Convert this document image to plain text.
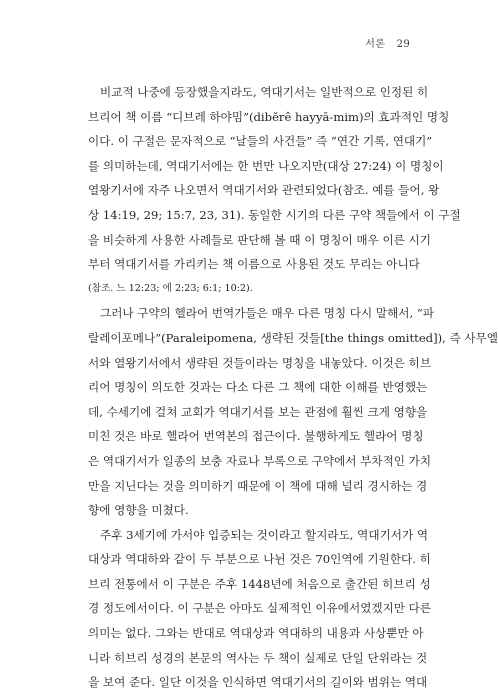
서론 29
비교적 나중에 등장했을지라도, 역대기서는 일반적으로 인정된 히
브리어 책 이름 “디브레 하야밈”(dibĕrê hayyā-mim)의 효과적인 명칭
이다. 이 구절은 문자적으로 “날들의 사건들” 즉 “연간 기록, 연대기”
를 의미하는데, 역대기서에는 한 번만 나오지만(대상 27:24) 이 명칭이
열왕기서에 자주 나오면서 역대기서와 관련되었다(참조. 예를 들어, 왕
상 14:19, 29; 15:7, 23, 31). 동일한 시기의 다른 구약 책들에서 이 구절
을 비슷하게 사용한 사례들로 판단해 볼 때 이 명칭이 매우 이른 시기
부터 역대기서를 가리키는 책 이름으로 사용된 것도 무리는 아니다
(참조. 느 12:23; 에 2:23; 6:1; 10:2).
그러나 구약의 헬라어 번역가들은 매우 다른 명칭 다시 말해서, “파
랄레이포메나”(Paraleipomena, 생략된 것들[the things omitted]), 즉 사무엘
서와 열왕기서에서 생략된 것들이라는 명칭을 내놓았다. 이것은 히브
리어 명칭이 의도한 것과는 다소 다른 그 책에 대한 이해를 반영했는
데, 수세기에 걸쳐 교회가 역대기서를 보는 관점에 훨씬 크게 영향을
미친 것은 바로 헬라어 번역본의 접근이다. 불행하게도 헬라어 명칭
은 역대기서가 일종의 보충 자료나 부록으로 구약에서 부차적인 가치
만을 지닌다는 것을 의미하기 때문에 이 책에 대해 널리 경시하는 경
향에 영향을 미쳤다.
주후 3세기에 가서야 입증되는 것이라고 할지라도, 역대기서가 역
대상과 역대하와 같이 두 부분으로 나뉜 것은 70인역에 기원한다. 히
브리 전통에서 이 구분은 주후 1448년에 처음으로 출간된 히브리 성
경 정도에서이다. 이 구분은 아마도 실제적인 이유에서였겠지만 다른
의미는 없다. 그와는 반대로 역대상과 역대하의 내용과 사상뿐만 아
니라 히브리 성경의 본문의 역사는 두 책이 실제로 단일 단위라는 것
을 보여 준다. 일단 이것을 인식하면 역대기서의 길이와 범위는 역대
